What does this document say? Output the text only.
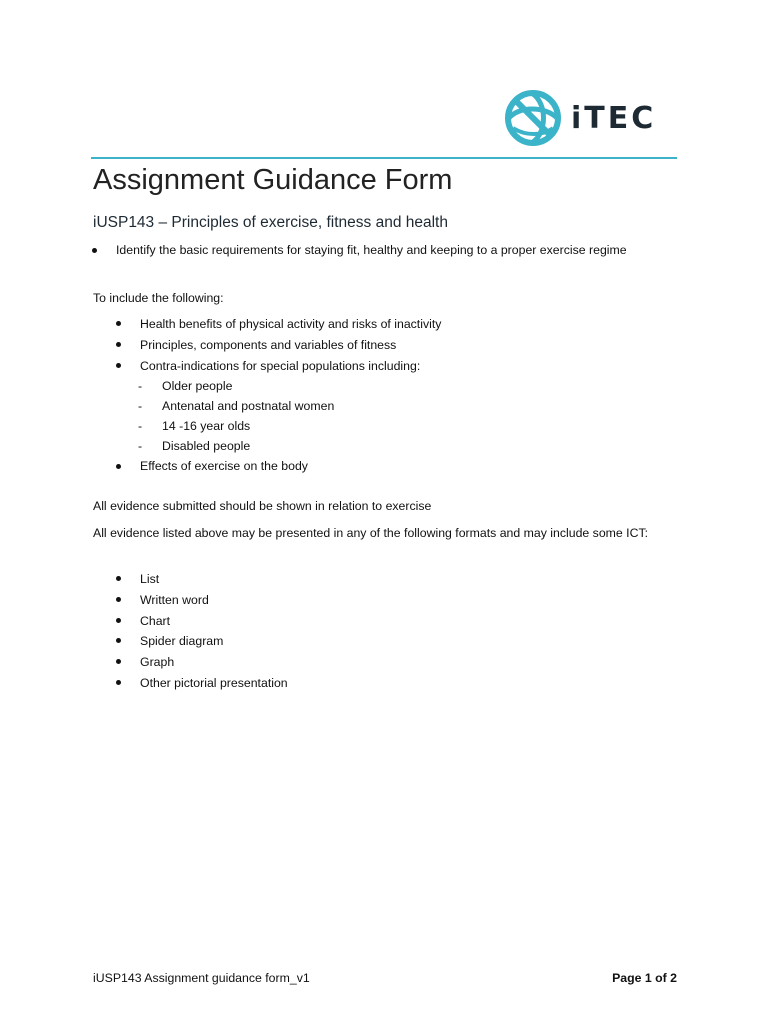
iTEC
Assignment Guidance Form
iUSP143 – Principles of exercise, fitness and health
Identify the basic requirements for staying fit, healthy and keeping to a proper exercise regime
To include the following:
Health benefits of physical activity and risks of inactivity
Principles, components and variables of fitness
Contra-indications for special populations including:
- Older people
- Antenatal and postnatal women
- 14 -16 year olds
- Disabled people
Effects of exercise on the body
All evidence submitted should be shown in relation to exercise
All evidence listed above may be presented in any of the following formats and may include some ICT:
List
Written word
Chart
Spider diagram
Graph
Other pictorial presentation
iUSP143 Assignment guidance form_v1	Page 1 of 2
